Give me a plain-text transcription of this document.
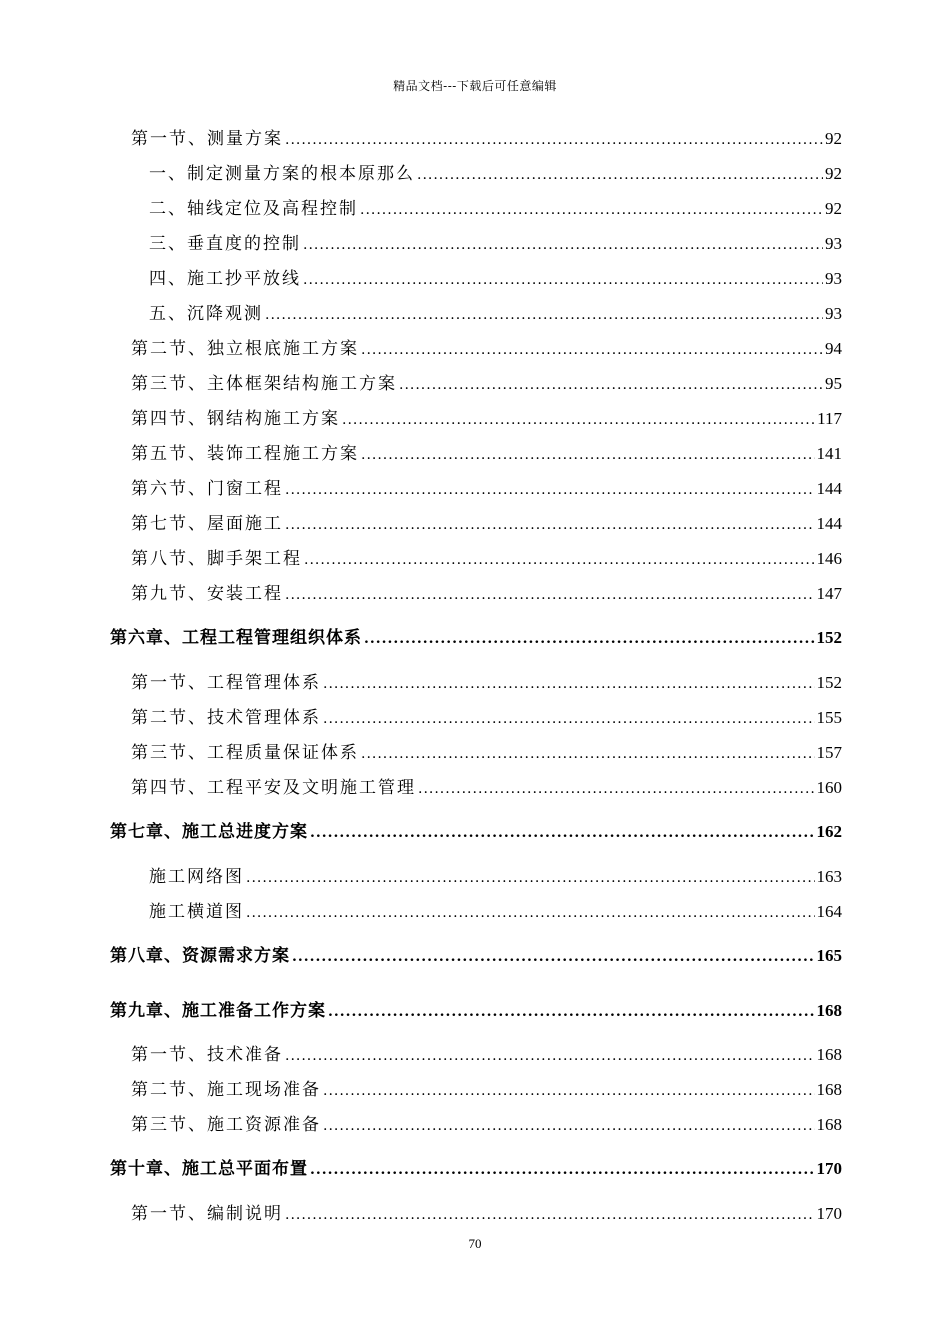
精品文档---下载后可任意编辑
第一节、测量方案 .....	92
一、制定测量方案的根本原那么 .....	92
二、轴线定位及高程控制 .....	92
三、垂直度的控制 .....	93
四、施工抄平放线 .....	93
五、沉降观测 .....	93
第二节、独立根底施工方案 .....	94
第三节、主体框架结构施工方案 .....	95
第四节、钢结构施工方案 .....	117
第五节、装饰工程施工方案 .....	141
第六节、门窗工程 .....	144
第七节、屋面施工 .....	144
第八节、脚手架工程 .....	146
第九节、安装工程 .....	147
第六章、工程工程管理组织体系 .....	152
第一节、工程管理体系 .....	152
第二节、技术管理体系 .....	155
第三节、工程质量保证体系 .....	157
第四节、工程平安及文明施工管理 .....	160
第七章、施工总进度方案 .....	162
施工网络图 .....	163
施工横道图 .....	164
第八章、资源需求方案 .....	165
第九章、施工准备工作方案 .....	168
第一节、技术准备 .....	168
第二节、施工现场准备 .....	168
第三节、施工资源准备 .....	168
第十章、施工总平面布置 .....	170
第一节、编制说明 .....	170
70
